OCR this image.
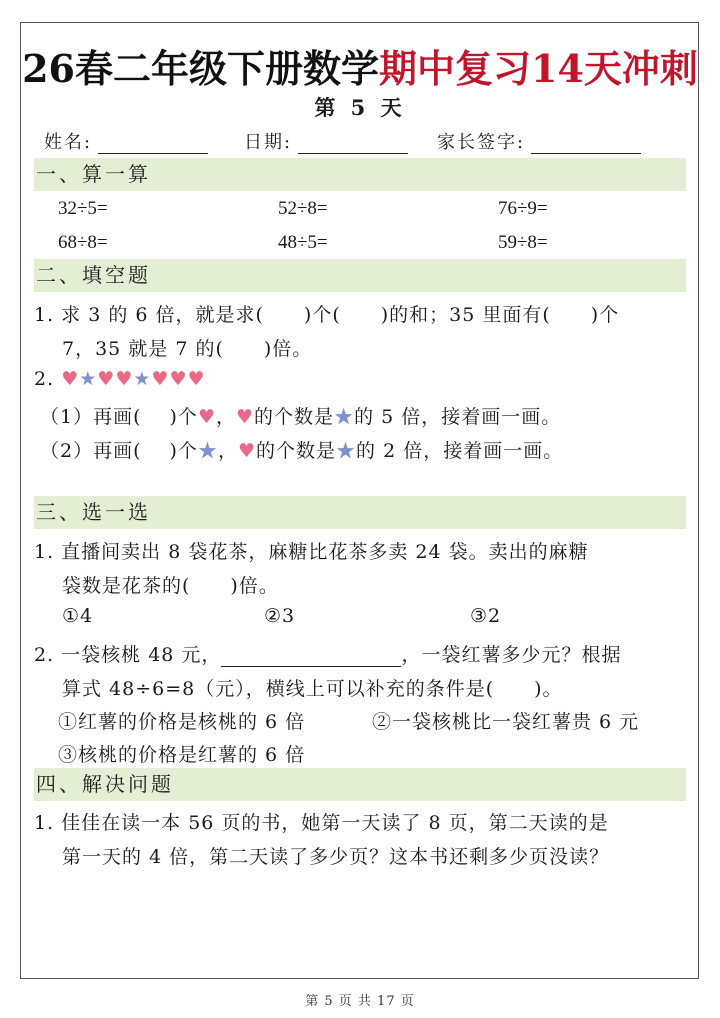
26春二年级下册数学期中复习14天冲刺
第 5 天
姓名:	日期:	家长签字:
一、算一算
32÷5=	52÷8=	76÷9=
68÷8=	48÷5=	59÷8=
二、填空题
1. 求 3 的 6 倍，就是求(　　)个(　　)的和；35 里面有(　　)个
7，35 就是 7 的(　　)倍。
2. ♥★♥♥★♥♥♥
（1）再画( )个♥，♥的个数是★的 5 倍，接着画一画。
（2）再画( )个★，♥的个数是★的 2 倍，接着画一画。
三、选一选
1. 直播间卖出 8 袋花茶，麻糖比花茶多卖 24 袋。卖出的麻糖
袋数是花茶的(　　)倍。
①4	②3	③2
2. 一袋核桃 48 元，	，一袋红薯多少元？根据
算式 48÷6=8（元），横线上可以补充的条件是(　　)。
①红薯的价格是核桃的 6 倍	②一袋核桃比一袋红薯贵 6 元
③核桃的价格是红薯的 6 倍
四、解决问题
1. 佳佳在读一本 56 页的书，她第一天读了 8 页，第二天读的是
第一天的 4 倍，第二天读了多少页？这本书还剩多少页没读？
第 5 页 共 17 页
